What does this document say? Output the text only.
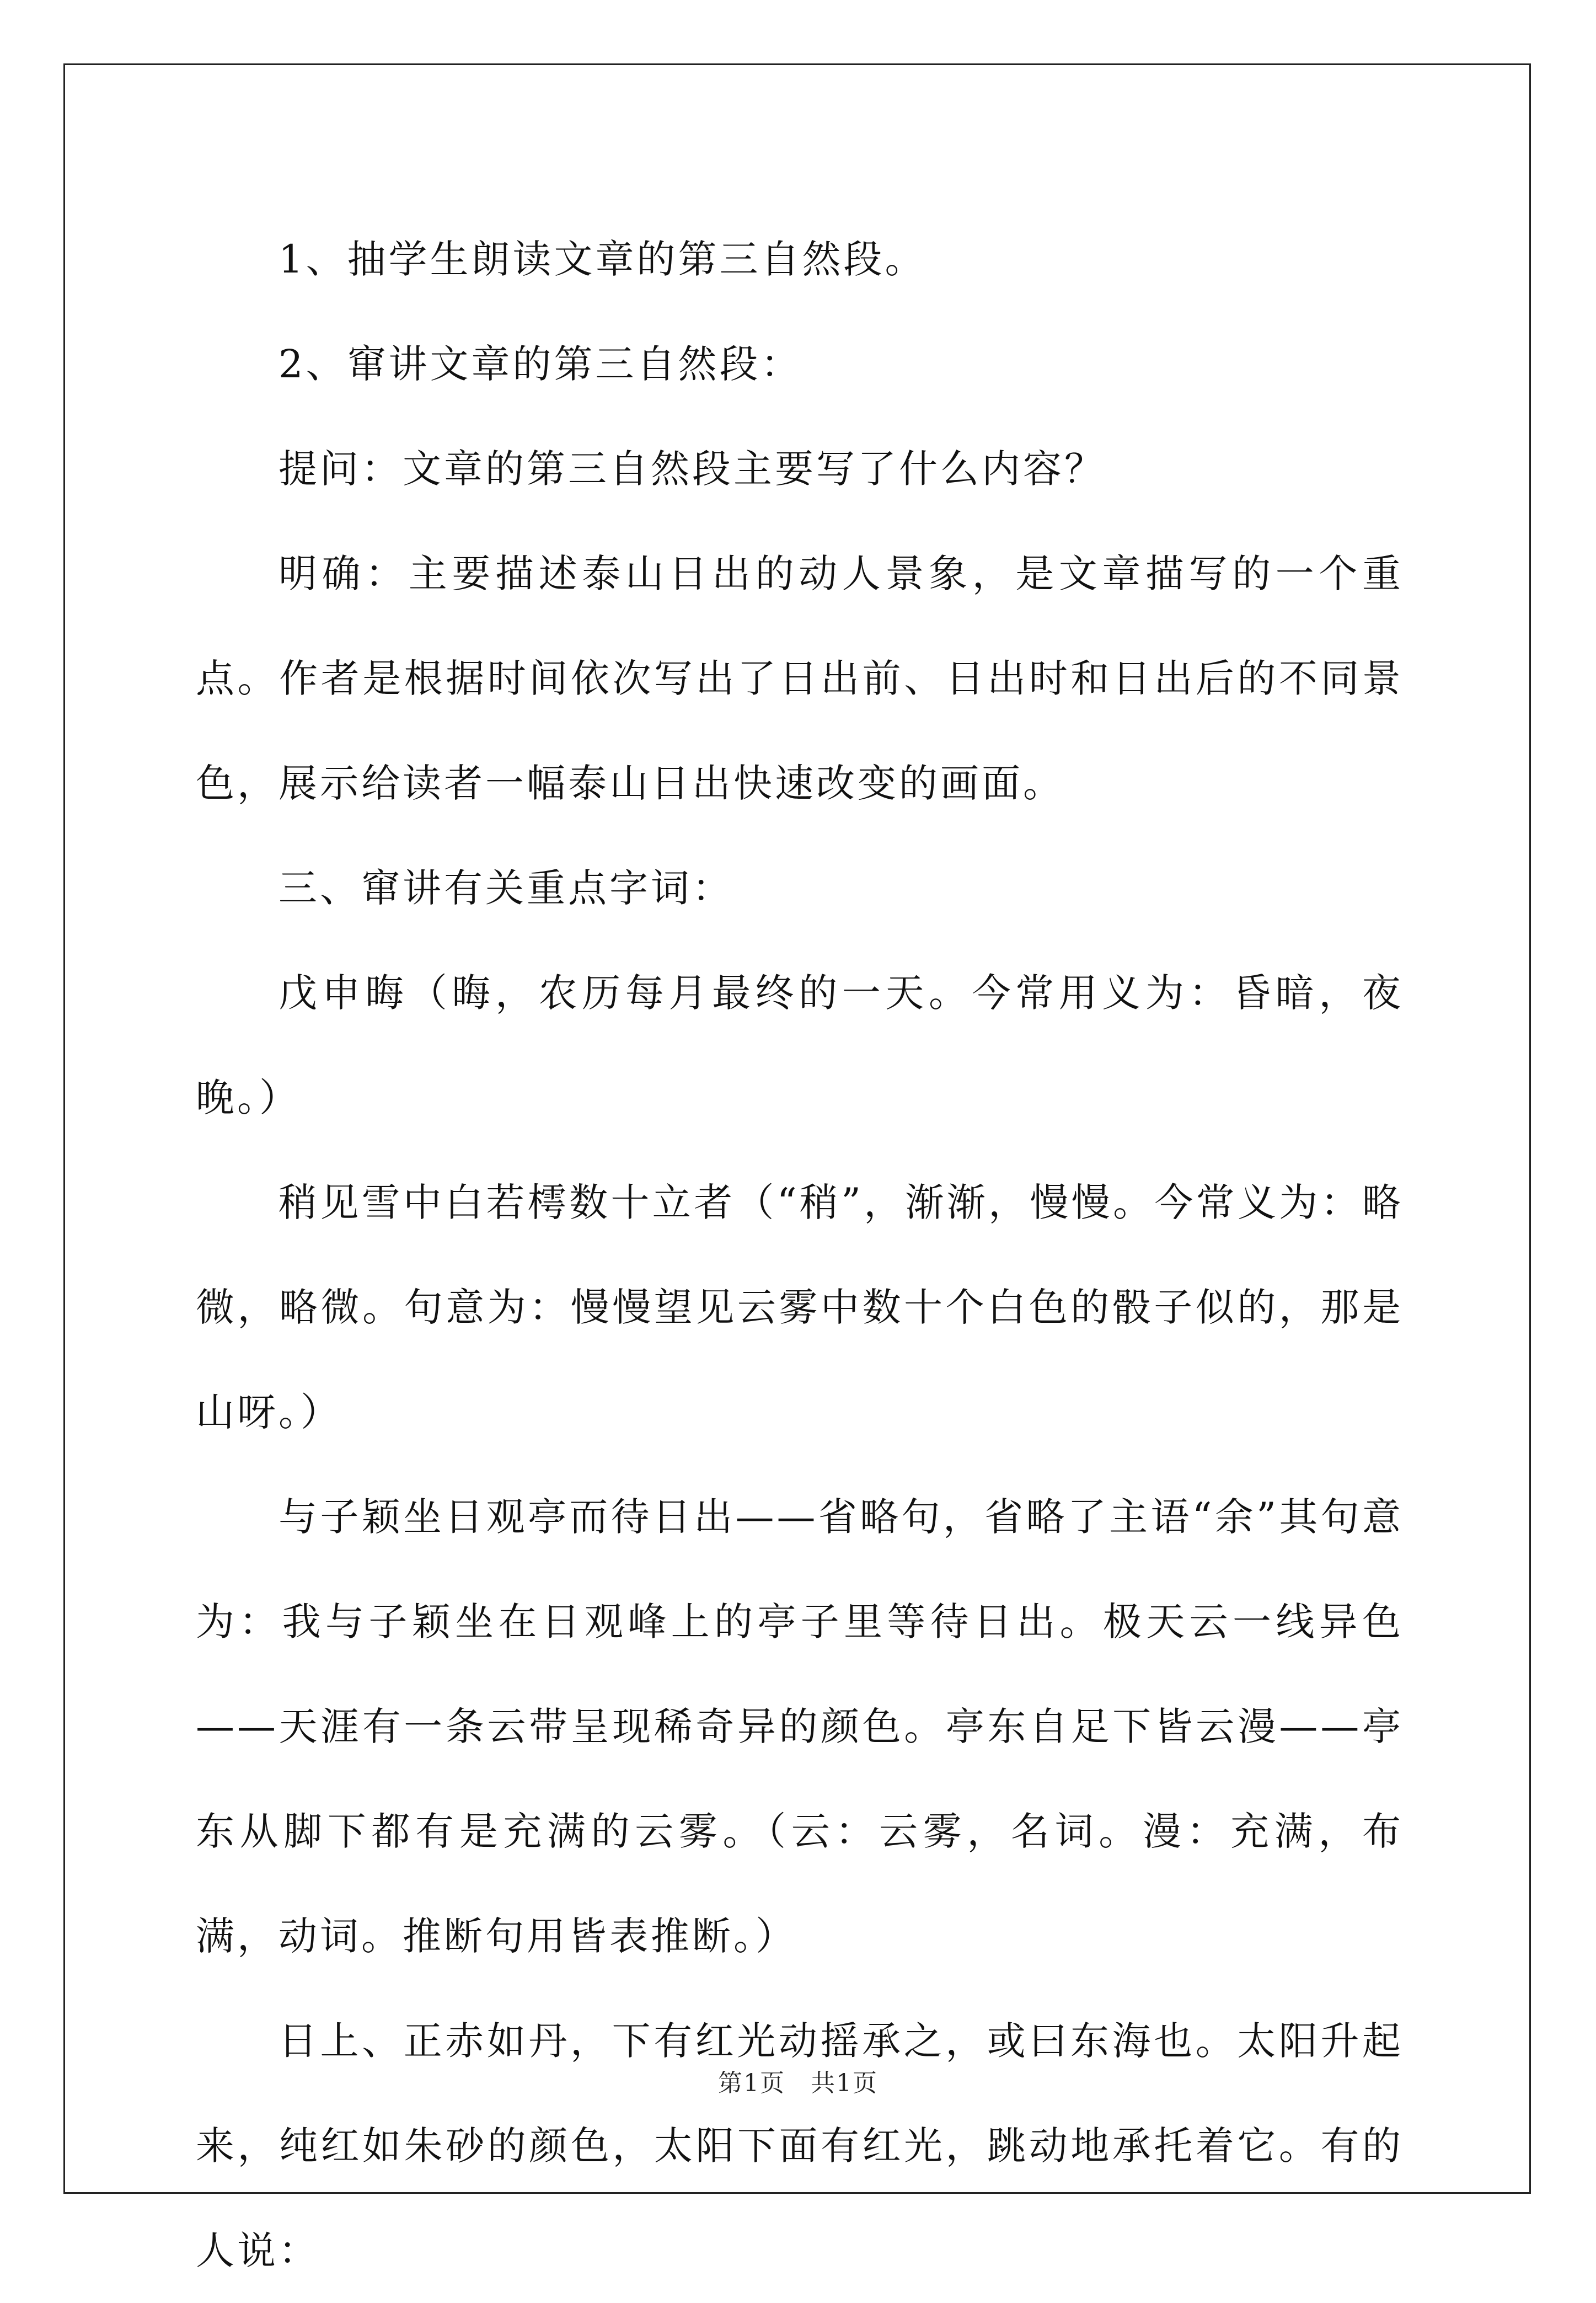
1、抽学生朗读文章的第三自然段。

2、窜讲文章的第三自然段：

提问：文章的第三自然段主要写了什么内容？

明确：主要描述泰山日出的动人景象，是文章描写的一个重点。作者是根据时间依次写出了日出前、日出时和日出后的不同景色，展示给读者一幅泰山日出快速改变的画面。

三、窜讲有关重点字词：

戊申晦（晦，农历每月最终的一天。今常用义为：昏暗，夜晚。）

稍见雪中白若樗数十立者（“稍”，渐渐，慢慢。今常义为：略微，略微。句意为：慢慢望见云雾中数十个白色的骰子似的，那是山呀。）

与子颖坐日观亭而待日出——省略句，省略了主语“余”其句意为：我与子颖坐在日观峰上的亭子里等待日出。极天云一线异色——天涯有一条云带呈现稀奇异的颜色。亭东自足下皆云漫——亭东从脚下都有是充满的云雾。（云：云雾，名词。漫：充满，布满，动词。推断句用皆表推断。）

日上、正赤如丹，下有红光动摇承之，或曰东海也。太阳升起来，纯红如朱砂的颜色，太阳下面有红光，跳动地承托着它。有的人说：

第1页　共1页
